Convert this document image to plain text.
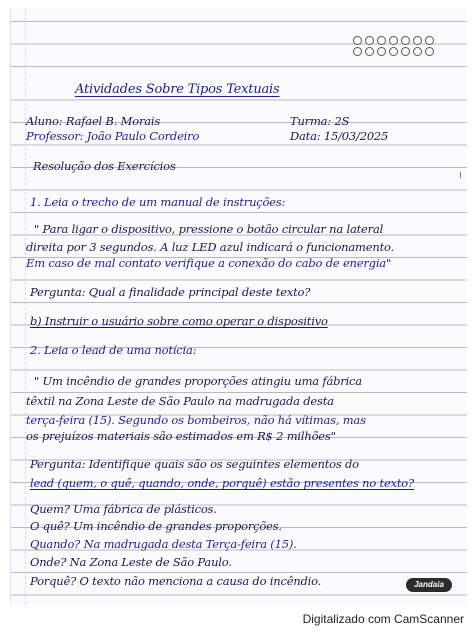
Atividades Sobre Tipos Textuais
Aluno: Rafael B. Morais	Turma: 2S
Professor: João Paulo Cordeiro	Data: 15/03/2025
Resolução dos Exercícios
1. Leia o trecho de um manual de instruções:
" Para ligar o dispositivo, pressione o botão circular na lateral
direita por 3 segundos. A luz LED azul indicará o funcionamento.
Em caso de mal contato verifique a conexão do cabo de energia"
Pergunta: Qual a finalidade principal deste texto?
b) Instruir o usuário sobre como operar o dispositivo
2. Leia o lead de uma notícia:
" Um incêndio de grandes proporções atingiu uma fábrica
têxtil na Zona Leste de São Paulo na madrugada desta
terça-feira (15). Segundo os bombeiros, não há vítimas, mas
os prejuízos materiais são estimados em R$ 2 milhões"
Pergunta: Identifique quais são os seguintes elementos do
lead (quem, o quê, quando, onde, porquê) estão presentes no texto?
Quem? Uma fábrica de plásticos.
O quê? Um incêndio de grandes proporções.
Quando? Na madrugada desta Terça-feira (15).
Onde? Na Zona Leste de São Paulo.
Porquê? O texto não menciona a causa do incêndio.	Jandaia
Digitalizado com CamScanner
